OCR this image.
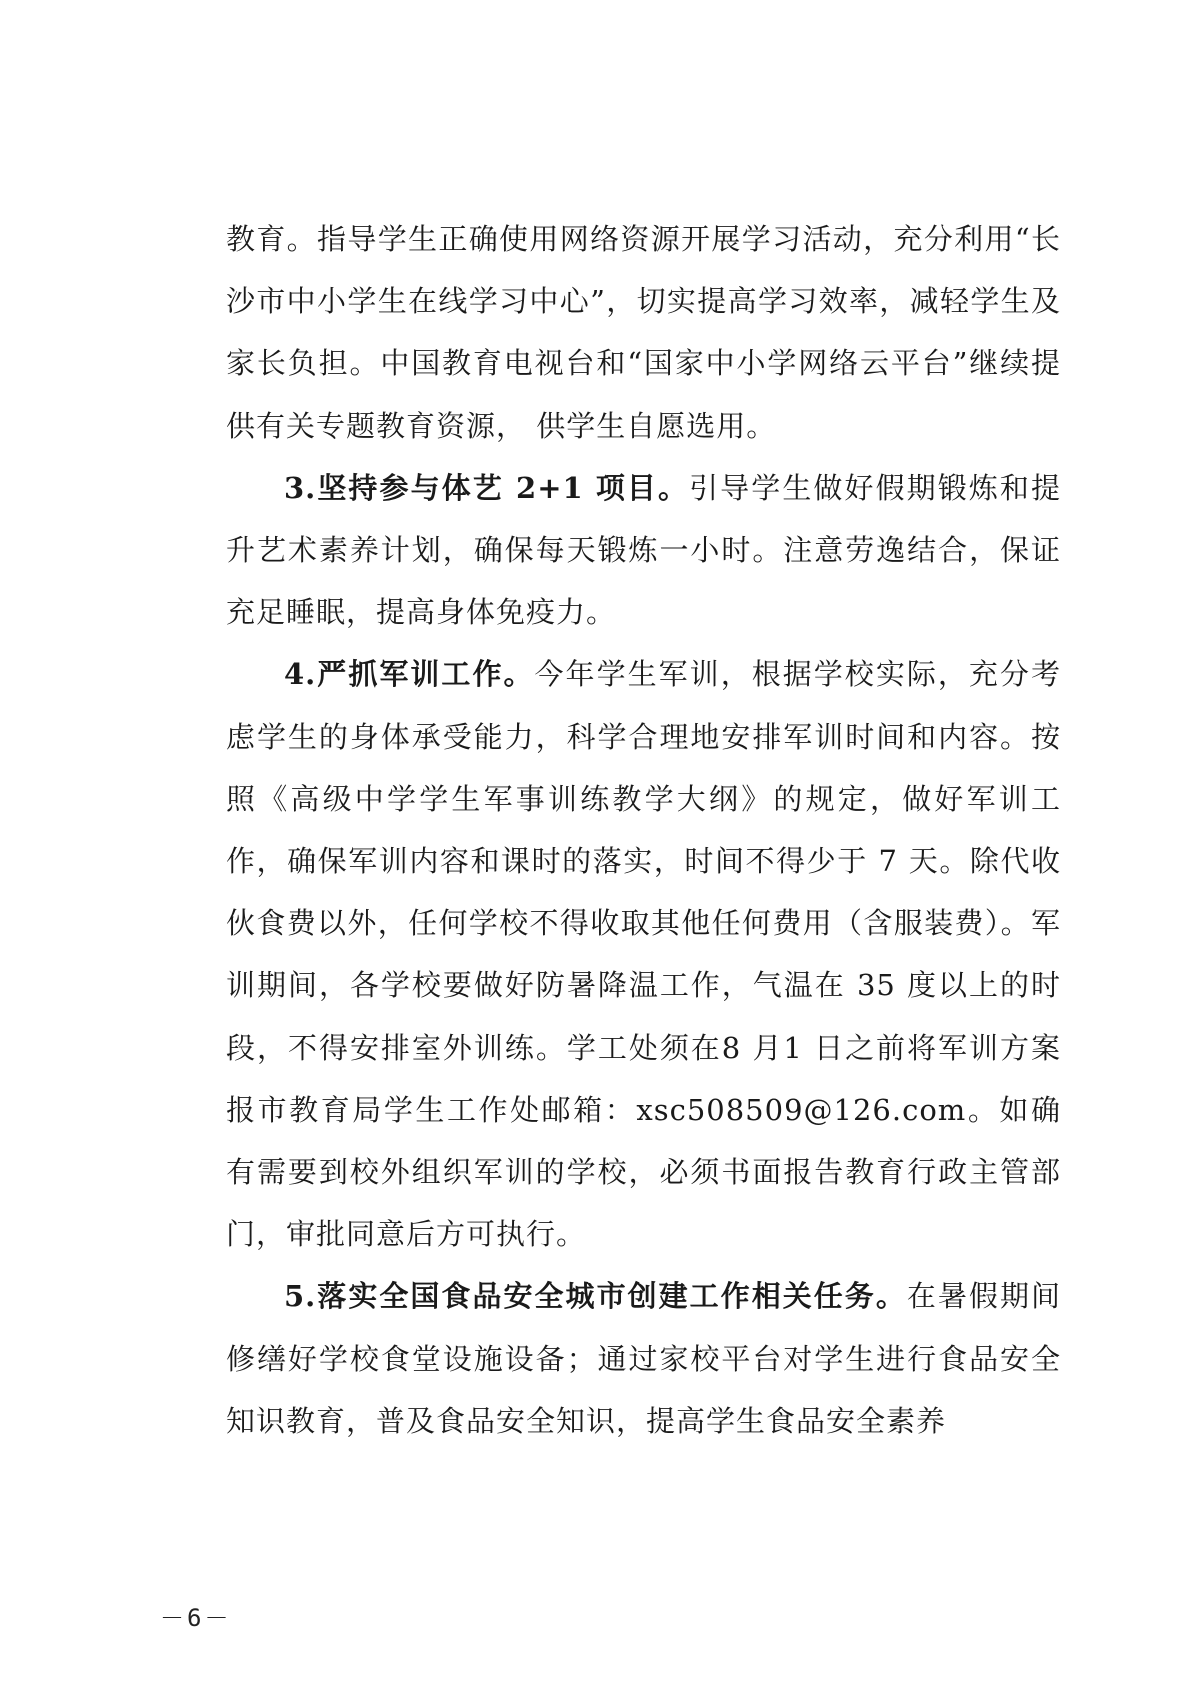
教育。指导学生正确使用网络资源开展学习活动，充分利用“长沙市中小学生在线学习中心”，切实提高学习效率，减轻学生及家长负担。中国教育电视台和“国家中小学网络云平台”继续提供有关专题教育资源， 供学生自愿选用。

3.坚持参与体艺 2+1 项目。引导学生做好假期锻炼和提升艺术素养计划，确保每天锻炼一小时。注意劳逸结合，保证充足睡眠，提高身体免疫力。

4.严抓军训工作。今年学生军训，根据学校实际，充分考虑学生的身体承受能力，科学合理地安排军训时间和内容。按照《高级中学学生军事训练教学大纲》的规定，做好军训工作，确保军训内容和课时的落实，时间不得少于 7 天。除代收伙食费以外，任何学校不得收取其他任何费用（含服装费）。军训期间，各学校要做好防暑降温工作，气温在 35 度以上的时段，不得安排室外训练。学工处须在8 月1 日之前将军训方案报市教育局学生工作处邮箱：xsc508509@126.com。如确有需要到校外组织军训的学校，必须书面报告教育行政主管部门，审批同意后方可执行。

5.落实全国食品安全城市创建工作相关任务。在暑假期间修缮好学校食堂设施设备；通过家校平台对学生进行食品安全知识教育，普及食品安全知识，提高学生食品安全素养

－6－
